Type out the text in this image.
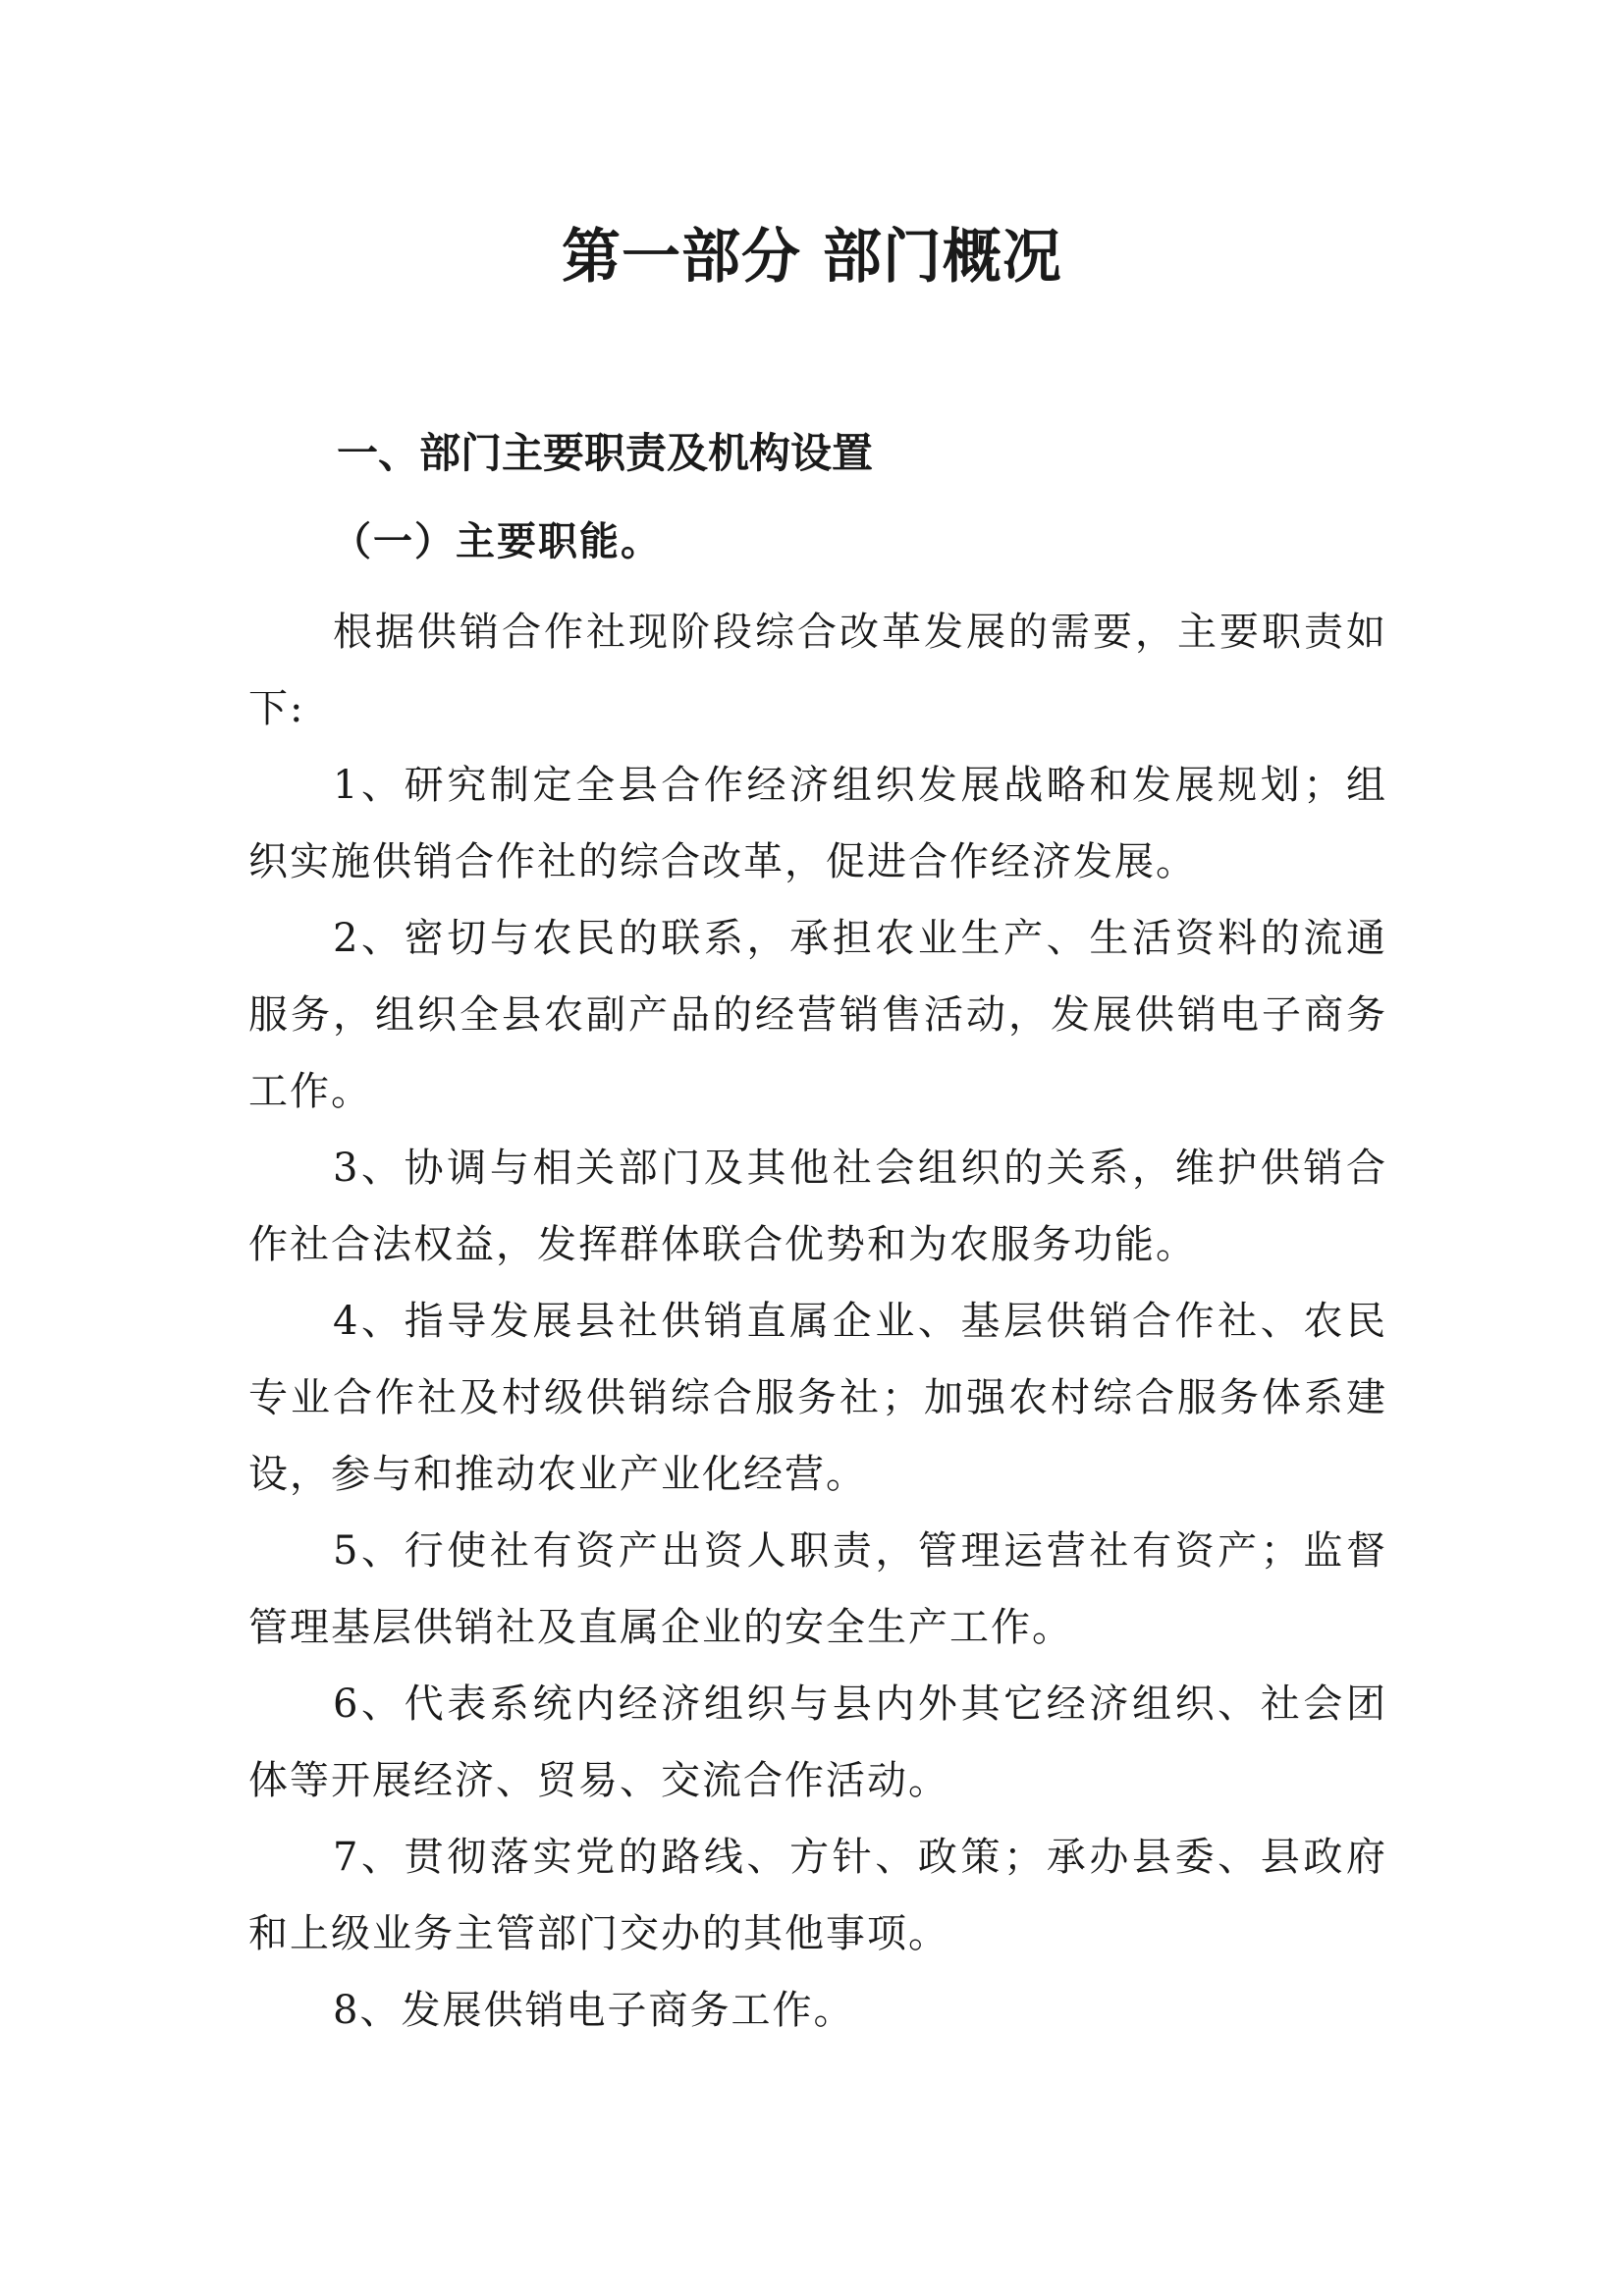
第一部分 部门概况
一、部门主要职责及机构设置
（一）主要职能。

根据供销合作社现阶段综合改革发展的需要，主要职责如下:

1、研究制定全县合作经济组织发展战略和发展规划；组织实施供销合作社的综合改革，促进合作经济发展。

2、密切与农民的联系，承担农业生产、生活资料的流通服务，组织全县农副产品的经营销售活动，发展供销电子商务工作。

3、协调与相关部门及其他社会组织的关系，维护供销合作社合法权益，发挥群体联合优势和为农服务功能。

4、指导发展县社供销直属企业、基层供销合作社、农民专业合作社及村级供销综合服务社；加强农村综合服务体系建设，参与和推动农业产业化经营。

5、行使社有资产出资人职责，管理运营社有资产；监督管理基层供销社及直属企业的安全生产工作。

6、代表系统内经济组织与县内外其它经济组织、社会团体等开展经济、贸易、交流合作活动。

7、贯彻落实党的路线、方针、政策；承办县委、县政府和上级业务主管部门交办的其他事项。

8、发展供销电子商务工作。
